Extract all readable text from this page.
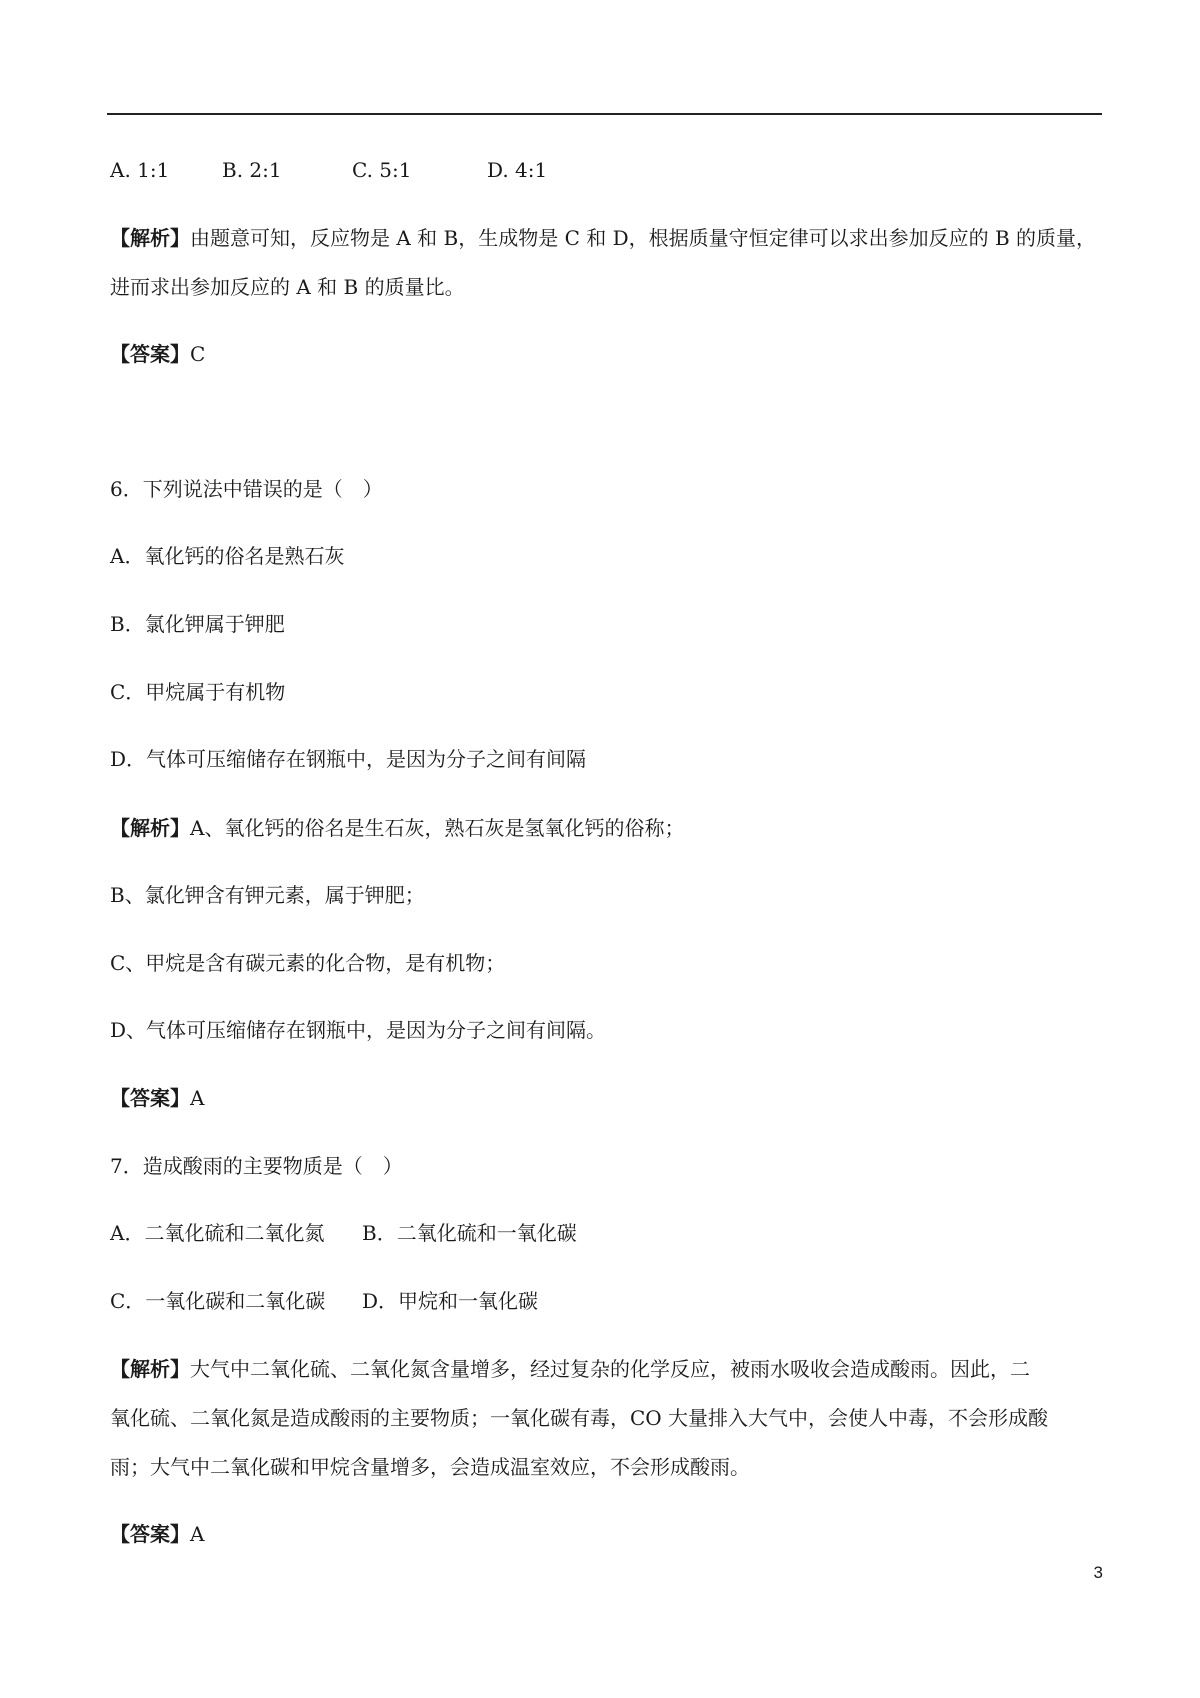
A. 1:1	B. 2:1	C. 5:1	D. 4:1
【解析】由题意可知，反应物是 A 和 B，生成物是 C 和 D，根据质量守恒定律可以求出参加反应的 B 的质量，
进而求出参加反应的 A 和 B 的质量比。
【答案】C
6．下列说法中错误的是（　）
A．氧化钙的俗名是熟石灰
B．氯化钾属于钾肥
C．甲烷属于有机物
D．气体可压缩储存在钢瓶中，是因为分子之间有间隔
【解析】A、氧化钙的俗名是生石灰，熟石灰是氢氧化钙的俗称；
B、氯化钾含有钾元素，属于钾肥；
C、甲烷是含有碳元素的化合物，是有机物；
D、气体可压缩储存在钢瓶中，是因为分子之间有间隔。
【答案】A
7．造成酸雨的主要物质是（　）
A．二氧化硫和二氧化氮 B．二氧化硫和一氧化碳
C．一氧化碳和二氧化碳 D．甲烷和一氧化碳
【解析】大气中二氧化硫、二氧化氮含量增多，经过复杂的化学反应，被雨水吸收会造成酸雨。因此，二
氧化硫、二氧化氮是造成酸雨的主要物质；一氧化碳有毒，CO 大量排入大气中，会使人中毒，不会形成酸
雨；大气中二氧化碳和甲烷含量增多，会造成温室效应，不会形成酸雨。
【答案】A
3
